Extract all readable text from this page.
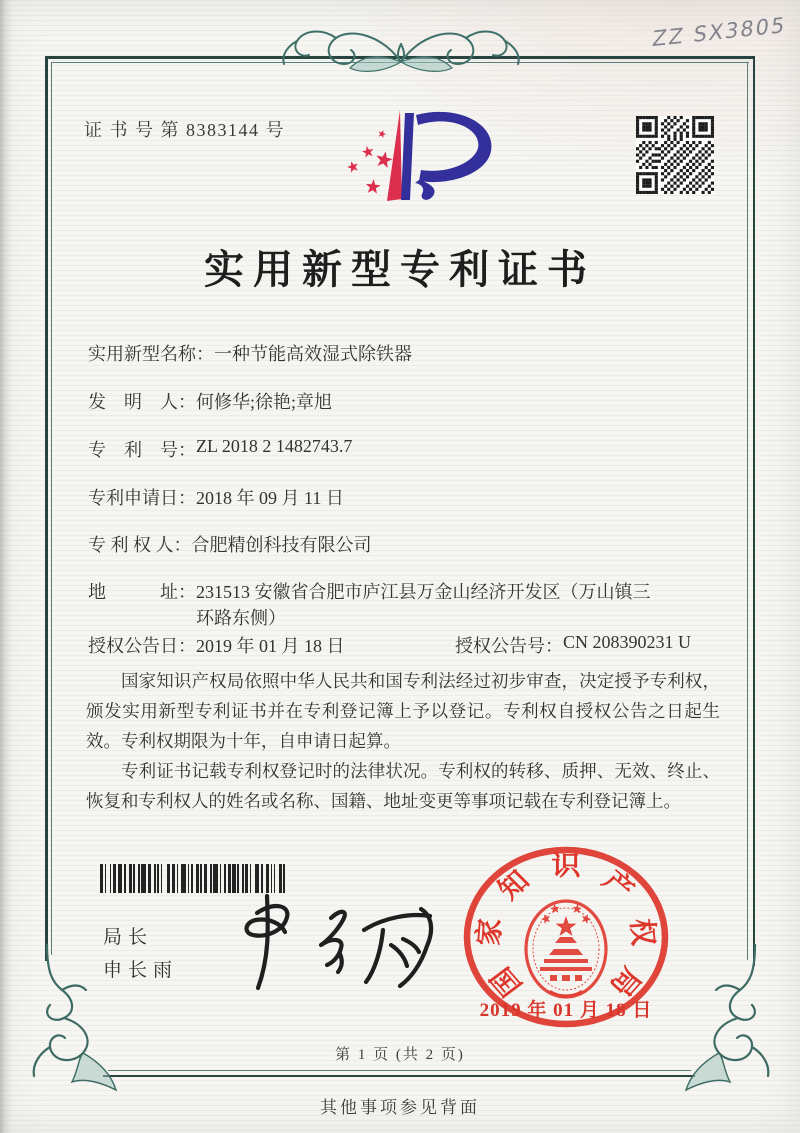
ZZ SX3805
证 书 号 第 8383144 号
实用新型专利证书
实用新型名称： 一种节能高效湿式除铁器
发　明　人： 何修华;徐艳;章旭
专　利　号： ZL 2018 2 1482743.7
专利申请日： 2018 年 09 月 11 日
专 利 权 人： 合肥精创科技有限公司
地　　　址： 231513 安徽省合肥市庐江县万金山经济开发区（万山镇三环路东侧）
授权公告日： 2019 年 01 月 18 日	授权公告号： CN 208390231 U

国家知识产权局依照中华人民共和国专利法经过初步审查，决定授予专利权，颁发实用新型专利证书并在专利登记簿上予以登记。专利权自授权公告之日起生效。专利权期限为十年，自申请日起算。

专利证书记载专利权登记时的法律状况。专利权的转移、质押、无效、终止、恢复和专利权人的姓名或名称、国籍、地址变更等事项记载在专利登记簿上。

局长
申长雨	国
家
知 识 产
权
局
2019 年 01 月 18 日
第 1 页 (共 2 页)
其他事项参见背面
